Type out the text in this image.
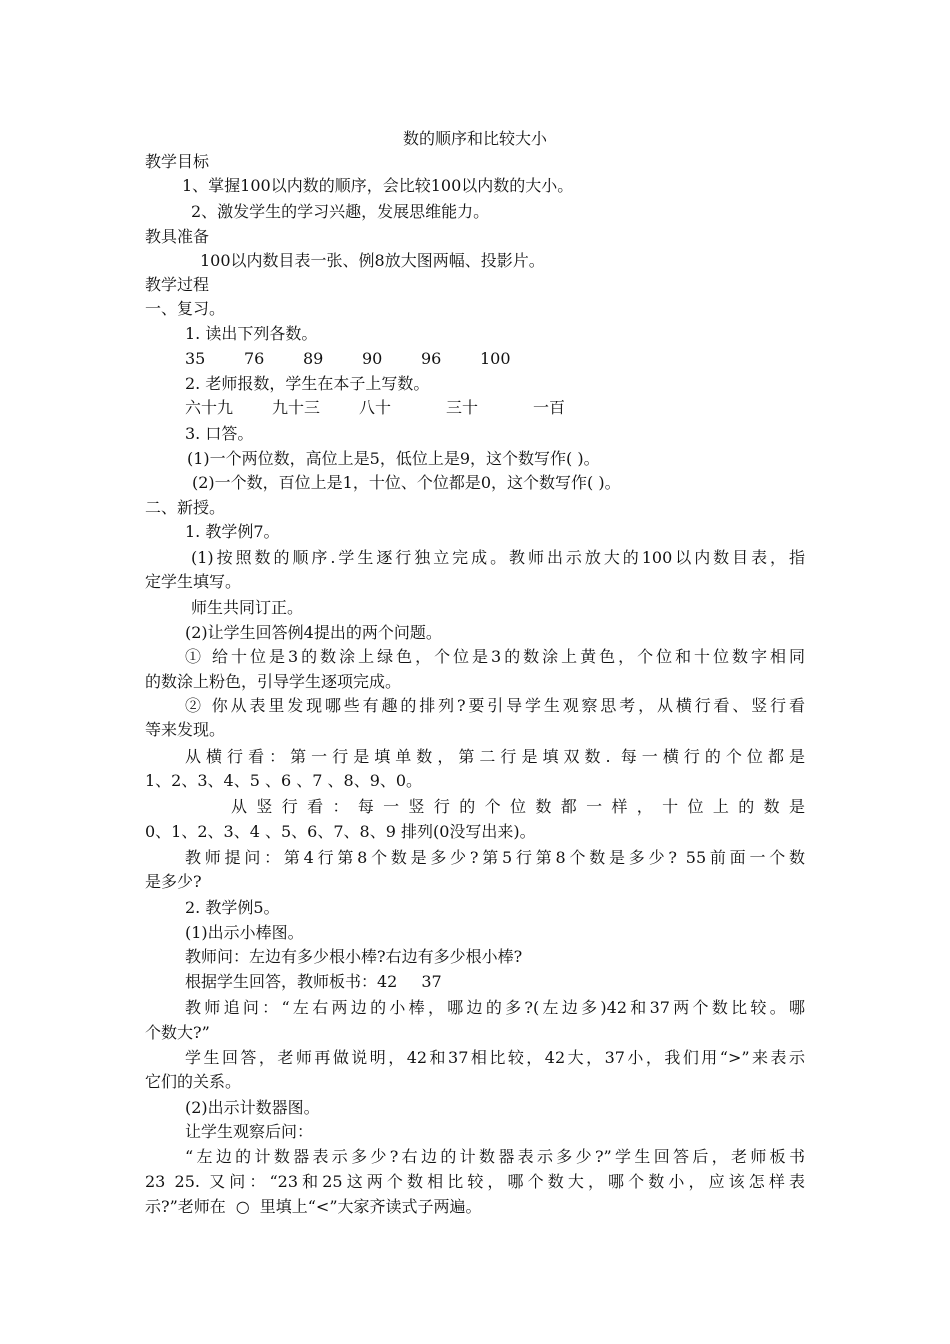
数的顺序和比较大小

教学目标

1、掌握100以内数的顺序，会比较100以内数的大小。

2、激发学生的学习兴趣，发展思维能力。

教具准备

100以内数目表一张、例8放大图两幅、投影片。

教学过程

一、复习。

1. 读出下列各数。

35 76 89 90 96 100

2. 老师报数，学生在本子上写数。

六十九 九十三 八十	三十	一百

3. 口答。

(1)一个两位数，高位上是5，低位上是9，这个数写作( )。

(2)一个数，百位上是1，十位、个位都是0，这个数写作( )。

二、新授。

1. 教学例7。

(1)按照数的顺序.学生逐行独立完成。教师出示放大的100以内数目表，指

定学生填写。

师生共同订正。

(2)让学生回答例4提出的两个问题。

① 给十位是3的数涂上绿色，个位是3的数涂上黄色，个位和十位数字相同

的数涂上粉色，引导学生逐项完成。

② 你从表里发现哪些有趣的排列?要引导学生观察思考，从横行看、竖行看

等来发现。

从横行看：第一行是填单数，第二行是填双数. 每一横行的个位都是

1、2、3、4、5 、6 、7 、8、9、0。

从 竖 行 看 ： 每 一 竖 行 的 个 位 数 都 一 样 ， 十 位 上 的 数 是

0、1、2、3、4 、5、6、7、8、9 排列(0没写出来)。

教师提问：第4行第8个数是多少?第5行第8个数是多少? 55前面一个数

是多少?

2. 教学例5。

(1)出示小棒图。

教师问：左边有多少根小棒?右边有多少根小棒?

根据学生回答，教师板书：42 37

教师追问：“左右两边的小棒，哪边的多?(左边多)42和37两个数比较。哪

个数大?”

学生回答，老师再做说明，42和37相比较，42大，37小，我们用“>”来表示

它们的关系。

(2)出示计数器图。

让学生观察后问：

“左边的计数器表示多少?右边的计数器表示多少?”学生回答后，老师板书

23 25. 又问：“23和25这两个数相比较，哪个数大，哪个数小，应该怎样表

示?”老师在 ○ 里填上“<”大家齐读式子两遍。
